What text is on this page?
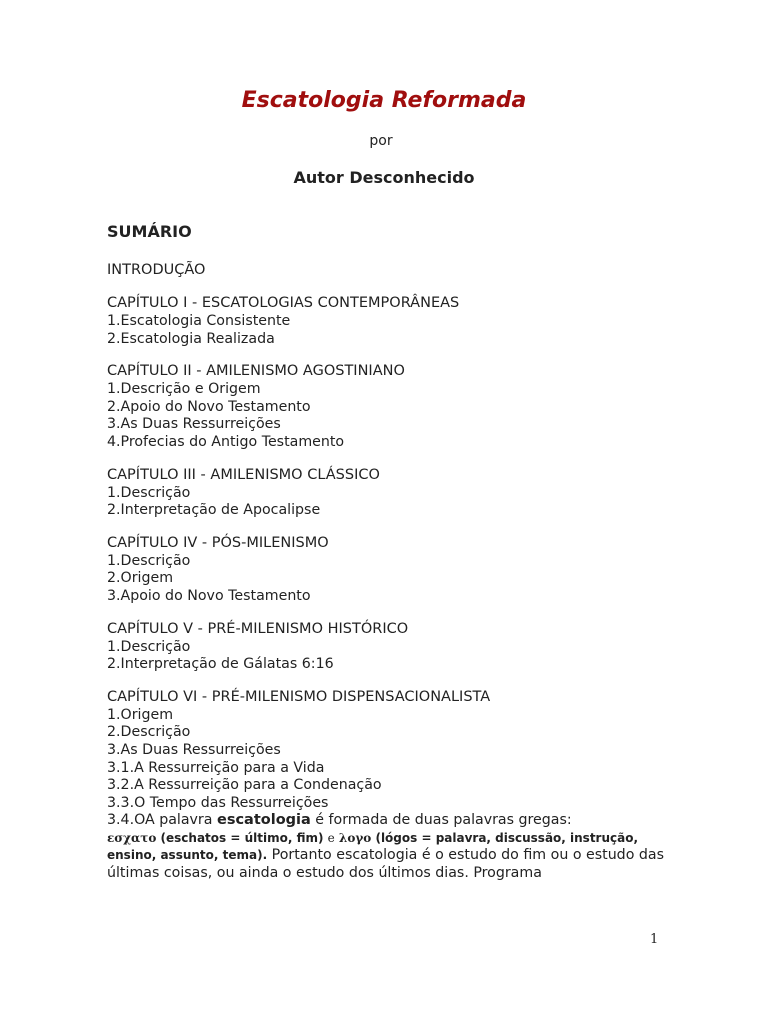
Escatologia Reformada
por
Autor Desconhecido
SUMÁRIO
INTRODUÇÃO
CAPÍTULO I - ESCATOLOGIAS CONTEMPORÂNEAS
1.Escatologia Consistente
2.Escatologia Realizada
CAPÍTULO II - AMILENISMO AGOSTINIANO
1.Descrição e Origem
2.Apoio do Novo Testamento
3.As Duas Ressurreições
4.Profecias do Antigo Testamento
CAPÍTULO III - AMILENISMO CLÁSSICO
1.Descrição
2.Interpretação de Apocalipse
CAPÍTULO IV - PÓS-MILENISMO
1.Descrição
2.Origem
3.Apoio do Novo Testamento
CAPÍTULO V - PRÉ-MILENISMO HISTÓRICO
1.Descrição
2.Interpretação de Gálatas 6:16
CAPÍTULO VI - PRÉ-MILENISMO DISPENSACIONALISTA
1.Origem
2.Descrição
3.As Duas Ressurreições
3.1.A Ressurreição para a Vida
3.2.A Ressurreição para a Condenação
3.3.O Tempo das Ressurreições
3.4.OA palavra escatologia é formada de duas palavras gregas:
εσχατο (eschatos = último, fim) e λογο (lógos = palavra, discussão, instrução, ensino, assunto, tema). Portanto escatologia é o estudo do fim ou o estudo das últimas coisas, ou ainda o estudo dos últimos dias. Programa
1
